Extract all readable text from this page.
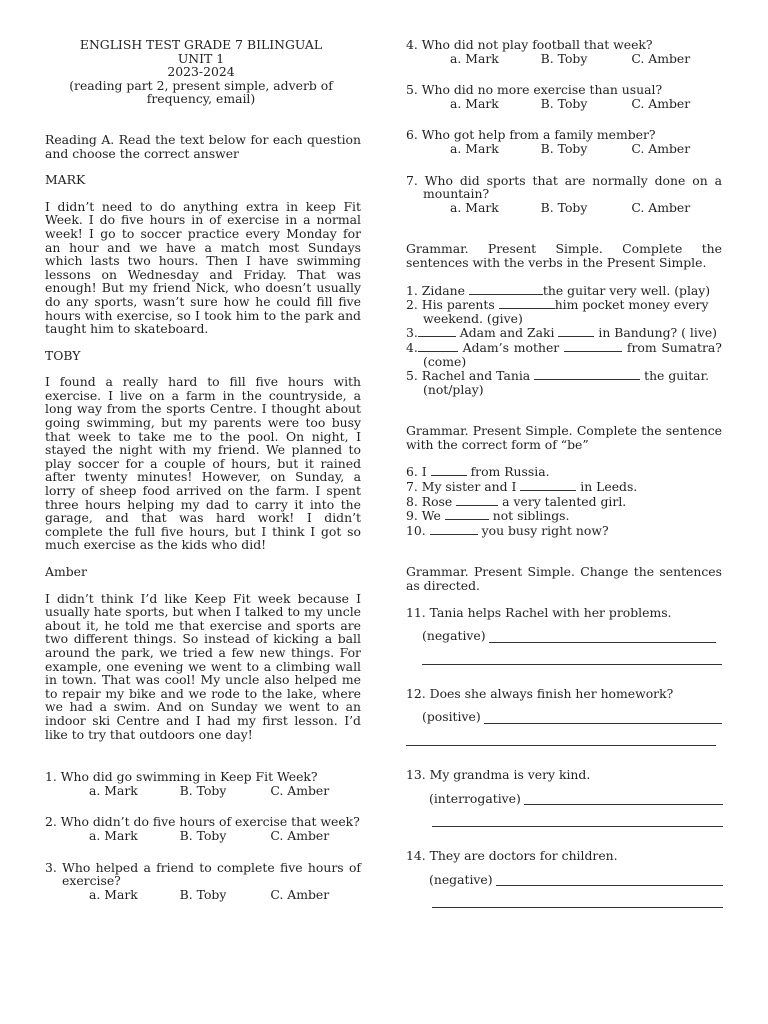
ENGLISH TEST GRADE 7 BILINGUAL

UNIT 1

2023-2024

(reading part 2, present simple, adverb of

frequency, email)

Reading A. Read the text below for each question and choose the correct answer

MARK

I didn’t need to do anything extra in keep Fit Week. I do five hours in of exercise in a normal week! I go to soccer practice every Monday for an hour and we have a match most Sundays which lasts two hours. Then I have swimming lessons on Wednesday and Friday. That was enough! But my friend Nick, who doesn’t usually do any sports, wasn’t sure how he could fill five hours with exercise, so I took him to the park and taught him to skateboard.

TOBY

I found a really hard to fill five hours with exercise. I live on a farm in the countryside, a long way from the sports Centre. I thought about going swimming, but my parents were too busy that week to take me to the pool. On night, I stayed the night with my friend. We planned to play soccer for a couple of hours, but it rained after twenty minutes! However, on Sunday, a lorry of sheep food arrived on the farm. I spent three hours helping my dad to carry it into the garage, and that was hard work! I didn’t complete the full five hours, but I think I got so much exercise as the kids who did!

Amber

I didn’t think I’d like Keep Fit week because I usually hate sports, but when I talked to my uncle about it, he told me that exercise and sports are two different things. So instead of kicking a ball around the park, we tried a few new things. For example, one evening we went to a climbing wall in town. That was cool! My uncle also helped me to repair my bike and we rode to the lake, where we had a swim. And on Sunday we went to an indoor ski Centre and I had my first lesson. I’d like to try that outdoors one day!

1. Who did go swimming in Keep Fit Week?

a. Mark	B. Toby	C. Amber

2. Who didn’t do five hours of exercise that week?

a. Mark	B. Toby	C. Amber

3. Who helped a friend to complete five hours of exercise?

a. Mark	B. Toby	C. Amber

4. Who did not play football that week?

a. Mark	B. Toby	C. Amber

5. Who did no more exercise than usual?

a. Mark	B. Toby	C. Amber

6. Who got help from a family member?

a. Mark	B. Toby	C. Amber

7. Who did sports that are normally done on a mountain?

a. Mark	B. Toby	C. Amber

Grammar. Present Simple. Complete the sentences with the verbs in the Present Simple.

1. Zidane	the guitar very well. (play)

2. His parents	him pocket money every weekend. (give)

3.	Adam and Zaki	in Bandung? ( live)

4.	Adam’s mother	from Sumatra? (come)

5. Rachel and Tania	the guitar. (not/play)

Grammar. Present Simple. Complete the sentence with the correct form of “be”

6. I	from Russia.

7. My sister and I	in Leeds.

8. Rose	a very talented girl.

9. We	not siblings.

10.	you busy right now?

Grammar. Present Simple. Change the sentences as directed.

11. Tania helps Rachel with her problems.

(negative)

12. Does she always finish her homework?

(positive)

13. My grandma is very kind.

(interrogative)

14. They are doctors for children.

(negative)
